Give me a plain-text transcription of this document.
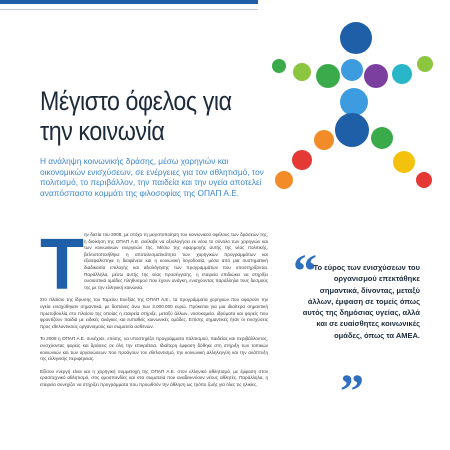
Μέγιστο όφελος για την κοινωνία

Η ανάληψη κοινωνικής δράσης, μέσω χορηγιών και οικονομικών ενισχύσεων, σε ενέργειες για τον αθλητισμό, τον πολιτισμό, το περιβάλλον, την παιδεία και την υγεία αποτελεί αναπόσπαστο κομμάτι της φιλοσοφίας της ΟΠΑΠ Α.Ε.

ην διετία του 2008, με στόχο τη μεγιστοποίηση του κοινωνικού οφέλους των δράσεών της, η διοίκηση της ΟΠΑΠ Α.Ε. ανέλαβε να αξιολογήσει εκ νέου το σύνολο των χορηγιών και των κοινωνικών ενεργειών της. Μέσω της εφαρμογής αυτής της νέας πολιτικής, βελτιστοποιήθηκε η αποτελεσματικότητα των χορηγικών προγραμμάτων και εξασφαλίστηκε η διαφάνεια και η κοινωνική λογοδοσία, μέσα από μια συστηματική διαδικασία επιλογής και αξιολόγησης των προγραμμάτων που υποστηρίζονται. Παράλληλα, μέσω αυτής της νέας προσέγγισης, η εταιρεία επιδιώκει να στηρίξει ουσιαστικά ομάδες πληθυσμού που έχουν ανάγκη, ενισχύοντας παράλληλα τους δεσμούς της με την ελληνική κοινωνία.

Στο πλαίσιο της ίδρυσης του Ταμείου Ευεξίας της ΟΠΑΠ Α.Ε., τα προγράμματα χορηγιών που αφορούν την υγεία ενισχύθηκαν σημαντικά, με δαπάνες άνω των 3.000.000 ευρώ. Πρόκειται για μια ιδιαίτερα σημαντική πρωτοβουλία στο πλαίσιο της οποίας η εταιρεία στήριξε, μεταξύ άλλων, νοσοκομεία, ιδρύματα και φορείς που φροντίζουν παιδιά με ειδικές ανάγκες και ευπαθείς κοινωνικές ομάδες. Επίσης σημαντικές ήταν οι ενισχύσεις προς εθελοντικούς οργανισμούς και σωματεία ασθενών.

Το 2008 η ΟΠΑΠ Α.Ε. συνέχισε, επίσης, να υποστηρίζει προγράμματα πολιτισμού, παιδείας και περιβάλλοντος, ενισχύοντας φορείς και δράσεις σε όλη την επικράτεια. Ιδιαίτερη έμφαση δόθηκε στη στήριξη των τοπικών κοινωνιών και των οργανώσεων που προάγουν τον εθελοντισμό, την κοινωνική αλληλεγγύη και την ανάπτυξη της ελληνικής περιφέρειας.

Εξίσου ενεργή είναι και η χορηγική συμμετοχή της ΟΠΑΠ Α.Ε. στον ελληνικό αθλητισμό, με έμφαση στον ερασιτεχνικό αθλητισμό, στις ομοσπονδίες και στα σωματεία που αναδεικνύουν νέους αθλητές. Παράλληλα, η εταιρεία συνεχίζει να στηρίζει προγράμματα που προωθούν την άθληση ως τρόπο ζωής για όλες τις ηλικίες.

Τ	“ Το εύρος των ενισχύσεων του οργανισμού επεκτάθηκε σημαντικά, δίνοντας, μεταξύ άλλων, έμφαση σε τομείς όπως αυτός της δημόσιας υγείας, αλλά και σε ευαίσθητες κοινωνικές ομάδες, όπως τα ΑΜΕΑ.

”
